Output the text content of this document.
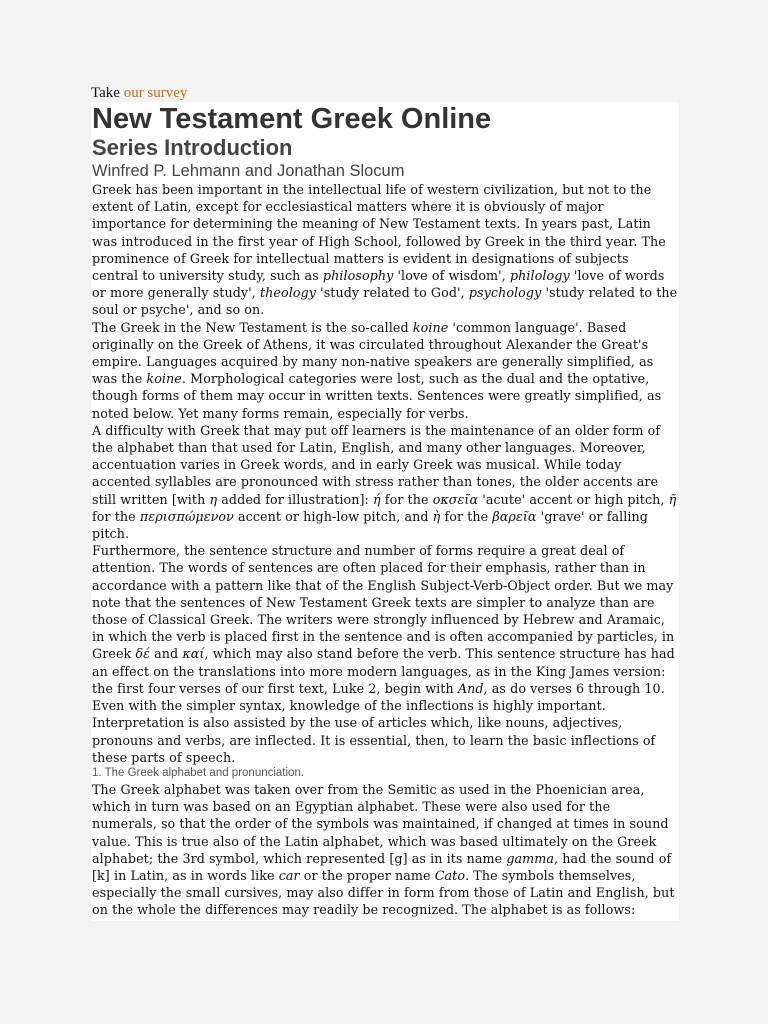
Take our survey
New Testament Greek Online
Series Introduction
Winfred P. Lehmann and Jonathan Slocum

Greek has been important in the intellectual life of western civilization, but not to the extent of Latin, except for ecclesiastical matters where it is obviously of major importance for determining the meaning of New Testament texts. In years past, Latin was introduced in the first year of High School, followed by Greek in the third year. The prominence of Greek for intellectual matters is evident in designations of subjects central to university study, such as philosophy 'love of wisdom', philology 'love of words or more generally study', theology 'study related to God', psychology 'study related to the soul or psyche', and so on.

The Greek in the New Testament is the so-called koine 'common language'. Based originally on the Greek of Athens, it was circulated throughout Alexander the Great's empire. Languages acquired by many non-native speakers are generally simplified, as was the koine. Morphological categories were lost, such as the dual and the optative, though forms of them may occur in written texts. Sentences were greatly simplified, as noted below. Yet many forms remain, especially for verbs.

A difficulty with Greek that may put off learners is the maintenance of an older form of the alphabet than that used for Latin, English, and many other languages. Moreover, accentuation varies in Greek words, and in early Greek was musical. While today accented syllables are pronounced with stress rather than tones, the older accents are still written [with η added for illustration]: ή for the οκσεῖα 'acute' accent or high pitch, ῆ for the περισπώμενον accent or high-low pitch, and ὴ for the βαρεῖα 'grave' or falling pitch.

Furthermore, the sentence structure and number of forms require a great deal of attention. The words of sentences are often placed for their emphasis, rather than in accordance with a pattern like that of the English Subject-Verb-Object order. But we may note that the sentences of New Testament Greek texts are simpler to analyze than are those of Classical Greek. The writers were strongly influenced by Hebrew and Aramaic, in which the verb is placed first in the sentence and is often accompanied by particles, in Greek δέ and καί, which may also stand before the verb. This sentence structure has had an effect on the translations into more modern languages, as in the King James version: the first four verses of our first text, Luke 2, begin with And, as do verses 6 through 10. Even with the simpler syntax, knowledge of the inflections is highly important. Interpretation is also assisted by the use of articles which, like nouns, adjectives, pronouns and verbs, are inflected. It is essential, then, to learn the basic inflections of these parts of speech.

1. The Greek alphabet and pronunciation.

The Greek alphabet was taken over from the Semitic as used in the Phoenician area, which in turn was based on an Egyptian alphabet. These were also used for the numerals, so that the order of the symbols was maintained, if changed at times in sound value. This is true also of the Latin alphabet, which was based ultimately on the Greek alphabet; the 3rd symbol, which represented [g] as in its name gamma, had the sound of [k] in Latin, as in words like car or the proper name Cato. The symbols themselves, especially the small cursives, may also differ in form from those of Latin and English, but on the whole the differences may readily be recognized. The alphabet is as follows:
